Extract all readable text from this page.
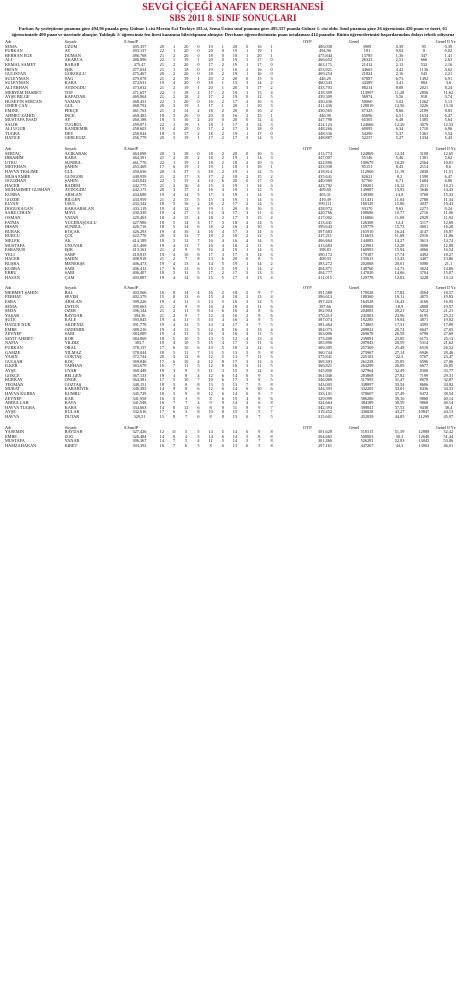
SEVGİ ÇİÇEĞİ ANAFEN DERSHANESİ
SBS 2011 8. SINIF SONUÇLARI
Furkan Ay yerleştirme puanına göre 494,96 puanla genç Gülnar 1.cisi Mersin 8.si Türkiye 181.si, Sema Üzüm sınıf puanına göre 495,357 puanla Gülnar 1. cisi oldu. Sınıf puanına göre 26 öğrencimiz 450 puan ve üzeri, 61 öğrencimizde 400 puan ve üzerinde almıştır. Yaldaşik 1/ öğrencimiz fen lisesi kazanma bilecekpuanı almıştır. Derchane öğrencilerimizin puan ortalaması 414 puandır. Bütün öğrencilerimizi başarılarından dolayı tebrik ediyoruz
Adı	Soyadı	8.SınıfP													OYP	Genel			Genel İl Yz
SEMA	ÜZÜM	495,357	20	1	20	0	19	1	20	0	16	1			486,038	3909	0,39	95	0,39
FURKAN	AY	493,137	22	1	20	0	20	0	19	1	19	1			494,96	181	0,02	8	0,02
BERHAN EGE	DUMAN	486,768	21	2	20	0	18	0	18	1	20	1			475,844	13785	1,36	347	1,41
ALİ	AKARCA	486,096	22	1	19	1	20	0	19	1	17	0			466,652	26323	2,51	666	2,63
KEMAL SAMET	BABAR	475,47	21	2	20	0	17	2	19	1	17	0			463,171	21412	2,12	532	2,16
İRFAN	IŞIK	477,034	21	1	18	0	19	1	16	2	16	0			453,921	44665	4,42	1136	4,62
GÜLİSTAN	GÖKOĞLU	475,467	20	2	20	0	18	2	19	1	16	0			469,254	21824	2,16	545	2,21
SÜLEYMAN	SAĞ	479,078	21	2	19	1	20	2	20	0	15	3			446,29	67887	6,73	1492	6,91
SÜLEYMAN	KARA	474,631	19	4	20	0	18	1	15	3	14	2			460,343	34389	3,41	884	3,6
ALİ ERHAN	AYDOĞDU	473,012	21	2	19	1	20	1	20	3	17	2			433,703	88214	8,08	2021	8,24
MERYEM HASRET	TOP	471,657	22	1	18	2	17	2	19	1	13	4			418,309	113907	11,28	2856	11,62
AYŞE BİLGE	KAFADAR	469,064	21	2	18	2	17	2	19	0	12	5			439,309	56974	5,56	918	3,74
HÜSEYİN SERCAN	YAMAN	468,431	22	1	20	0	16	2	17	2	16	3			450,436	50060	5,02	1262	5,13
ÖMER CAN	GÜL	468,792	20	3	19	1	17	1	20	1	10	3			411,436	128810	12,56	3226	13,16
EMİNE	PEKÇE	461,763	21	2	14	2	18	2	20	0	16	2			430,565	87325	8,66	2189	8,83
AHMET ZAHİD	İNCE	460,483	18	5	20	0	20	0	16	2	15	1			446,99	65696	6,51	1634	6,47
MUSTAFA ESAD	AY	460,188	18	5	16	2	20	0	20	0	12	4			447,798	65305	6,48	1385	5,64
SALİH	TUĞRUL	459,071	22	1	19	1	18	1	17	3	14	3			414,123	124666	12,26	3079	12,53
ALİ UĞUR	KANDEMİR	458,603	19	4	20	0	17	2	17	3	18	0			448,266	60095	6,34	1710	6,96
TUĞBA	DEY	458,044	18	5	17	2	18	2	19	1	17	0			448,336	54290	5,37	1361	5,54
HATİCE	GERLEGİZ	456,779	20	3	19	1	17	2	17	3	14	3			448,887	52237	5,27	1334	5,43
Adı	Soyadı	8.SınıfP													OYP	Genel			Genel İl Yz
SERTAÇ	ACIKABAK	464,698	20	3	18	0	18	2	20	0	10	3			413,774	124869	12,34	3108	12,65
İBRAHİM	KARA	464,391	21	2	18	2	18	2	19	1	14	3			447,007	55146	5,46	1381	5,62
UTKU	SÜNBÜL	461,776	22	1	19	1	18	2	18	2	10	3			422,886	100679	10,29	2564	10,81
METEHAN	ŞAHİN	453,469	17	6	19	1	19	1	18	1	16	1			433,938	85151	8,43	2114	8,6
HAVVA TESLİME	GÜL	450,636	20	3	17	3	18	2	19	1	12	5			418,814	112960	11,19	2830	11,51
MUSA EMRE	GÜNGÖR	449,959	21	2	17	3	17	2	18	2	15	2			435,641	82621	8,2	1590	6,47
OĞUZHAN	ŞAHİN	443,042	22	1	15	4	14	6	20	0	17	0			440,969	67760	6,71	1684	6,86
HACER	BADEM	442,775	21	2	16	4	15	3	19	1	14	3			423,792	100201	10,12	2511	10,21
MUHAMMET GÜRHAN	AYDOĞDU	442,175	20	3	17	1	16	4	19	1	12	5			409,69	149887	13,93	3646	14,43
KÜBRA	ARSLAN	434,688	19	4	14	5	17	3	19	1	14	3			403,31	149388	14,8	3768	15,33
GÖZDE	BİLGEN	433,959	21	2	15	5	15	4	19	1	14	3			419,49	111431	11,04	2788	11,34
ELVAN	USUL	433,342	18	5	16	2	18	2	17	2	14	3			399,111	160129	15,86	4037	16,43
DOĞUKAĞAN	KARAARSLAN	433,119	19	4	12	8	19	1	20	0	16	3			438,972	93170	9,63	2271	9,24
SARE CİHAN	MAVİ	430,339	19	4	17	3	14	4	17	3	11	4			420,766	108686	10,77	2716	11,06
OSMAN	VATAN	429,463	18	4	15	4	18	2	17	3	15	4			417,002	116866	11,68	2929	11,92
FATMA	YÜCEBAŞOĞLU	427,986	18	5	14	3	17	3	18	2	14	5			413,441	126308	12,4	3117	12,68
İHSAN	SÜNBÜL	426,716	18	5	14	6	18	2	16	4	10	3			399,643	159779	15,73	4001	16,28
BURAK	KOÇAK	426,293	19	4	16	4	16	4	17	3	14	3			397,683	161910	16,24	4147	16,87
BURCU	ÇÖL	422,778	20	3	12	7	18	2	18	2	12	5			417,211	116653	11,68	2916	11,86
MELEK	AK	414,189	18	5	12	7	16	4	16	4	14	3			406,664	144083	14,27	3613	14,74
MUSTAFA	ÜNÜVAR	411,408	19	4	13	7	16	4	18	2	11	6			413,683	123981	12,28	3098	12,88
ESRANUR	IŞIK	413,161	21	2	9	9	16	4	19	1	14	3			398,83	160993	15,94	4066	16,54
YELİ	SARP	410,815	19	4	10	8	17	3	17	3	14	3			390,172	179187	17,74	4492	18,27
HACER	ŞAHİN	408,918	21	2	7	8	13	6	20	0	8	5			408,93	135613	13,43	3407	13,86
BÜŞRA	MENEKŞE	406,473	19	4	13	4	14	5	19	1	14	2			383,272	202068	20,01	5080	21,1
KÜBRA	SARI	406,412	17	6	13	6	15	5	19	1	14	2			404,871	148760	14,73	3624	14,86
EBRU	SARI	406,407	18	5	11	5	17	2	17	3	13	3			404,777	147020	14,66	3704	15,07
HASAN	ÇAM	403,887	19	4	14	6	15	5	17	3	13	4			411,015	129778	12,82	3228	13,12
Adı	Soyadı	8.SınıfP													OYP	Genel			Genel İl Yz
MEHMET ŞAHİN	BAL	403,066	16	8	14	4	16	2	18	2	9	7			391,588	179028	17,82	4564	18,57
FERHAT	SEVİM	402,379	15	8	13	6	15	4	18	2	13	4			386,613	188360	19,11	4875	19,83
ESRA	ARSLAN	399,226	19	4	11	3	13	5	16	3	12	5			397,423	164528	16,43	4166	16,95
SEMA	ÜSTÜN	399,063	21	2	9	9	16	4	18	2	11	6			387,66	189008	18,9	4808	19,57
SEDA	ÖZER	396,144	21	2	11	8	14	6	16	4	8	6			382,904	204083	20,21	5212	21,21
YAŞAR	BAYDAR	394,36	21	2	9	7	12	4	16	2	8	6			370,413	241803	23,96	6195	25,21
ŞULE	KALE	393,845	19	4	11	5	13	4	16	2	9	5			387,074	192285	19,04	4871	19,82
HATİCE NUR	AKDENİZ	391,778	19	4	13	5	14	4	17	3	7	5			381,464	174865	17,31	4395	17,89
EMRE	ÖZDEMİR	389,216	19	4	13	5	12	8	16	3	13	4			384,073	209822	20,74	6647	27,05
ZEYNEP	SARI	384,089	19	4	11	5	10	4	16	4	11	5			363,006	269678	26,58	6798	27,69
SEYİT AHMET	KÖR	384,869	18	5	10	5	13	5	12	4	13	4			373,409	239891	23,85	6175	25,13
NAFİA	YILDIZ	383,7	19	4	10	5	15	4	17	3	11	6			385,896	207843	20,59	5314	21,62
FURKAN	ORAL	378,137	17	6	10	6	13	5	18	2	12	3			369,305	257369	25,48	6518	26,52
GAMZE	YILMAZ	378,044	18	5	11	7	13	5	13	5	9	8			360,744	275967	27,14	6946	28,46
YASİN	GÖKTAŞ	372,744	20	3	12	8	12	5	13	7	11	5			375,841	225103	22,3	5767	23,47
GÜLŞAH	KOÇ	369,046	17	6	10	4	12	8	17	3	12	3			369,303	261238	25,85	6596	27,06
İLKER	TARHAN	363,679	16	7	11	5	12	8	16	3	11	5			366,821	263299	26,09	6677	26,85
AYŞE	UYAR	368,448	19	3	9	5	11	3	15	5	12	4			345,806	327964	32,49	8300	33,77
GÖKÇE	BELGEN	367,133	19	4	8	4	12	6	14	6	9	5			361,046	283868	27,82	7199	29,31
BURKAY	ÖNGE	364,381	17	5	10	7	10	6	17	3	8	5			346,069	317995	31,47	8078	32,87
TEOMAN	GÖZTAŞ	348,151	18	5	8	8	13	5	13	7	5	8			343,003	338897	33,54	8606	34,82
MURAT	KARABIYIK	348,385	14	9	8	6	12	6	14	6	10	6			344,393	332205	33,01	8436	34,33
HAVVA KÜBRA	KUMRU	345,729	18	5	9	8	12	6	14	6	9	7			333,101	378607	37,49	9472	38,54
ZEYNEP	KAR	341,958	16	5	3	9	8	6	15	4	8	6			329,099	386286	39,16	9868	40,14
ABDULLAH	KAYA	341,548	16	7	7	4	9	9	14	4	6	8			324,664	384189	38,59	9868	40,14
HAVVA TUĞBA	KARA	334,663	14	8	12	6	8	8	11	8	9	7			342,393	398841	37,53	9438	38,4
AYŞE	KULAK	332,616	17	6	3	8	10	8	15	5	5	7			319,452	436828	43,27	10847	44,13
HAVVA	DUTAR	329,51	15	8	7	6	8	8	13	6	7	5			315,601	452839	44,85	11299	45,97
Adı	Soyadı	8.SınıfP													OYP	Genel			Genel İl Yz
YASEMİN	BAYDAR	327,426	12	11	5	5	14	5	14	6	9	8			301,628	518315	51,39	12888	52,42
EMRE	ZOĞ	326,484	14	8	4	5	14	6	14	5	8	8			304,665	508003	50,3	12646	51,44
MUSTAFA	YANAR	306,367	14	7	5	4	11	5	14	5	7	8			301,466	526281	52,03	13045	53,06
HAMZAHAKAN	KİRET	304,392	16	7	6	5	8	6	13	6	5	8			297,161	447267	44,3	13063	46,01
